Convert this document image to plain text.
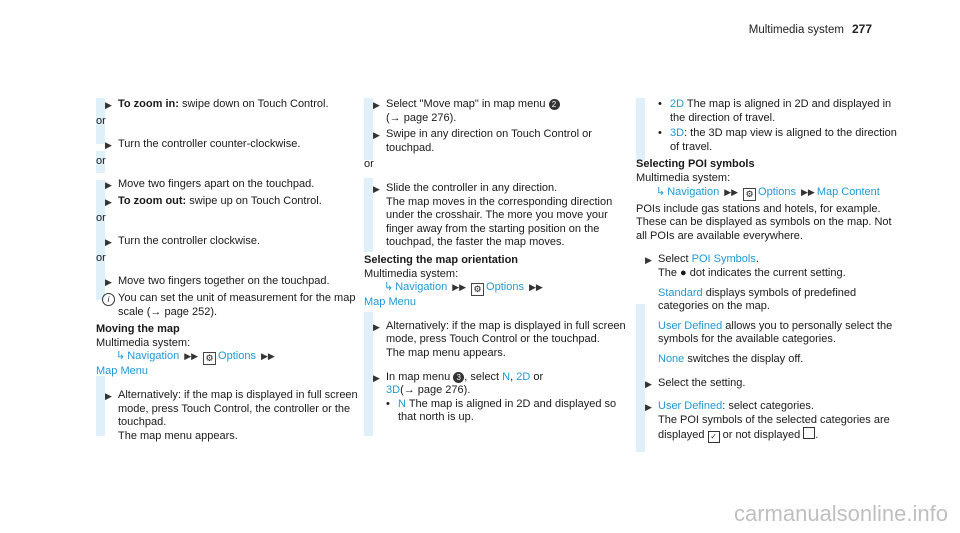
Multimedia system 277

To zoom in: swipe down on Touch Control.

or

Turn the controller counter-clockwise.

or

Move two fingers apart on the touchpad.

To zoom out: swipe up on Touch Control.

or

Turn the controller clockwise.

or

Move two fingers together on the touchpad.

i You can set the unit of measurement for the map scale (→ page 252).

Moving the map

Multimedia system:

↳ Navigation ▶▶ ⚙ Options ▶▶

Map Menu

Alternatively: if the map is displayed in full screen mode, press Touch Control, the controller or the touchpad.
The map menu appears.

Select "Move map" in map menu 2
(→ page 276).

Swipe in any direction on Touch Control or touchpad.

or

Slide the controller in any direction.
The map moves in the corresponding direction under the crosshair. The more you move your finger away from the starting position on the touchpad, the faster the map moves.

Selecting the map orientation

Multimedia system:

↳ Navigation ▶▶ ⚙ Options ▶▶

Map Menu

Alternatively: if the map is displayed in full screen mode, press Touch Control or the touchpad.
The map menu appears.

In map menu 3 , select N, 2D or
3D(→ page 276).

• N The map is aligned in 2D and displayed so that north is up.

• 2D The map is aligned in 2D and displayed in the direction of travel.

• 3D: the 3D map view is aligned to the direction of travel.

Selecting POI symbols

Multimedia system:

↳ Navigation ▶▶ ⚙ Options ▶▶ Map Content

POIs include gas stations and hotels, for example. These can be displayed as symbols on the map. Not all POIs are available everywhere.

Select POI Symbols.
The ● dot indicates the current setting.

Standard displays symbols of predefined categories on the map.

User Defined allows you to personally select the symbols for the available categories.

None switches the display off.

Select the setting.

User Defined: select categories.
The POI symbols of the selected categories are displayed ✓ or not displayed .

carmanualsonline.info
